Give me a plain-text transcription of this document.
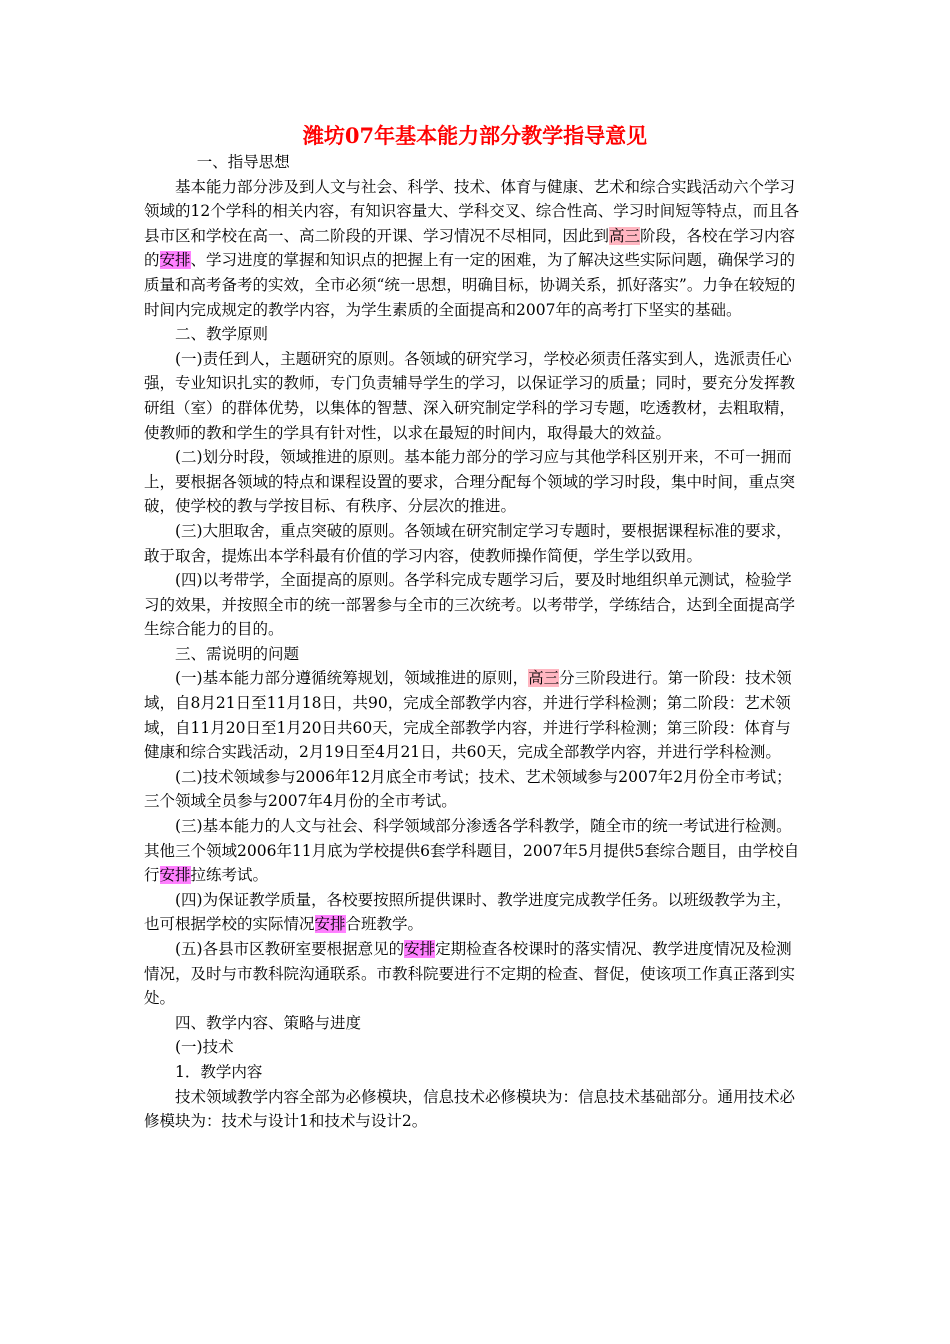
潍坊07年基本能力部分教学指导意见

一、指导思想

基本能力部分涉及到人文与社会、科学、技术、体育与健康、艺术和综合实践活动六个学习领域的12个学科的相关内容，有知识容量大、学科交叉、综合性高、学习时间短等特点，而且各县市区和学校在高一、高二阶段的开课、学习情况不尽相同，因此到高三阶段，各校在学习内容的安排、学习进度的掌握和知识点的把握上有一定的困难，为了解决这些实际问题，确保学习的质量和高考备考的实效，全市必须“统一思想，明确目标，协调关系，抓好落实”。力争在较短的时间内完成规定的教学内容，为学生素质的全面提高和2007年的高考打下坚实的基础。

二、教学原则

(一)责任到人，主题研究的原则。各领域的研究学习，学校必须责任落实到人，选派责任心强，专业知识扎实的教师，专门负责辅导学生的学习，以保证学习的质量；同时，要充分发挥教研组（室）的群体优势，以集体的智慧、深入研究制定学科的学习专题，吃透教材，去粗取精，使教师的教和学生的学具有针对性，以求在最短的时间内，取得最大的效益。

(二)划分时段，领域推进的原则。基本能力部分的学习应与其他学科区别开来，不可一拥而上，要根据各领域的特点和课程设置的要求，合理分配每个领域的学习时段，集中时间，重点突破，使学校的教与学按目标、有秩序、分层次的推进。

(三)大胆取舍，重点突破的原则。各领域在研究制定学习专题时，要根据课程标准的要求，敢于取舍，提炼出本学科最有价值的学习内容，使教师操作简便，学生学以致用。

(四)以考带学，全面提高的原则。各学科完成专题学习后，要及时地组织单元测试，检验学习的效果，并按照全市的统一部署参与全市的三次统考。以考带学，学练结合，达到全面提高学生综合能力的目的。

三、需说明的问题

(一)基本能力部分遵循统筹规划，领域推进的原则，高三分三阶段进行。第一阶段：技术领域，自8月21日至11月18日，共90，完成全部教学内容，并进行学科检测；第二阶段：艺术领域，自11月20日至1月20日共60天，完成全部教学内容，并进行学科检测；第三阶段：体育与健康和综合实践活动，2月19日至4月21日，共60天，完成全部教学内容，并进行学科检测。

(二)技术领域参与2006年12月底全市考试；技术、艺术领域参与2007年2月份全市考试；三个领域全员参与2007年4月份的全市考试。

(三)基本能力的人文与社会、科学领域部分渗透各学科教学，随全市的统一考试进行检测。其他三个领域2006年11月底为学校提供6套学科题目，2007年5月提供5套综合题目，由学校自行安排拉练考试。

(四)为保证教学质量，各校要按照所提供课时、教学进度完成教学任务。以班级教学为主，也可根据学校的实际情况安排合班教学。

(五)各县市区教研室要根据意见的安排定期检查各校课时的落实情况、教学进度情况及检测情况，及时与市教科院沟通联系。市教科院要进行不定期的检查、督促，使该项工作真正落到实处。

四、教学内容、策略与进度

(一)技术

1．教学内容

技术领域教学内容全部为必修模块，信息技术必修模块为：信息技术基础部分。通用技术必修模块为：技术与设计1和技术与设计2。
